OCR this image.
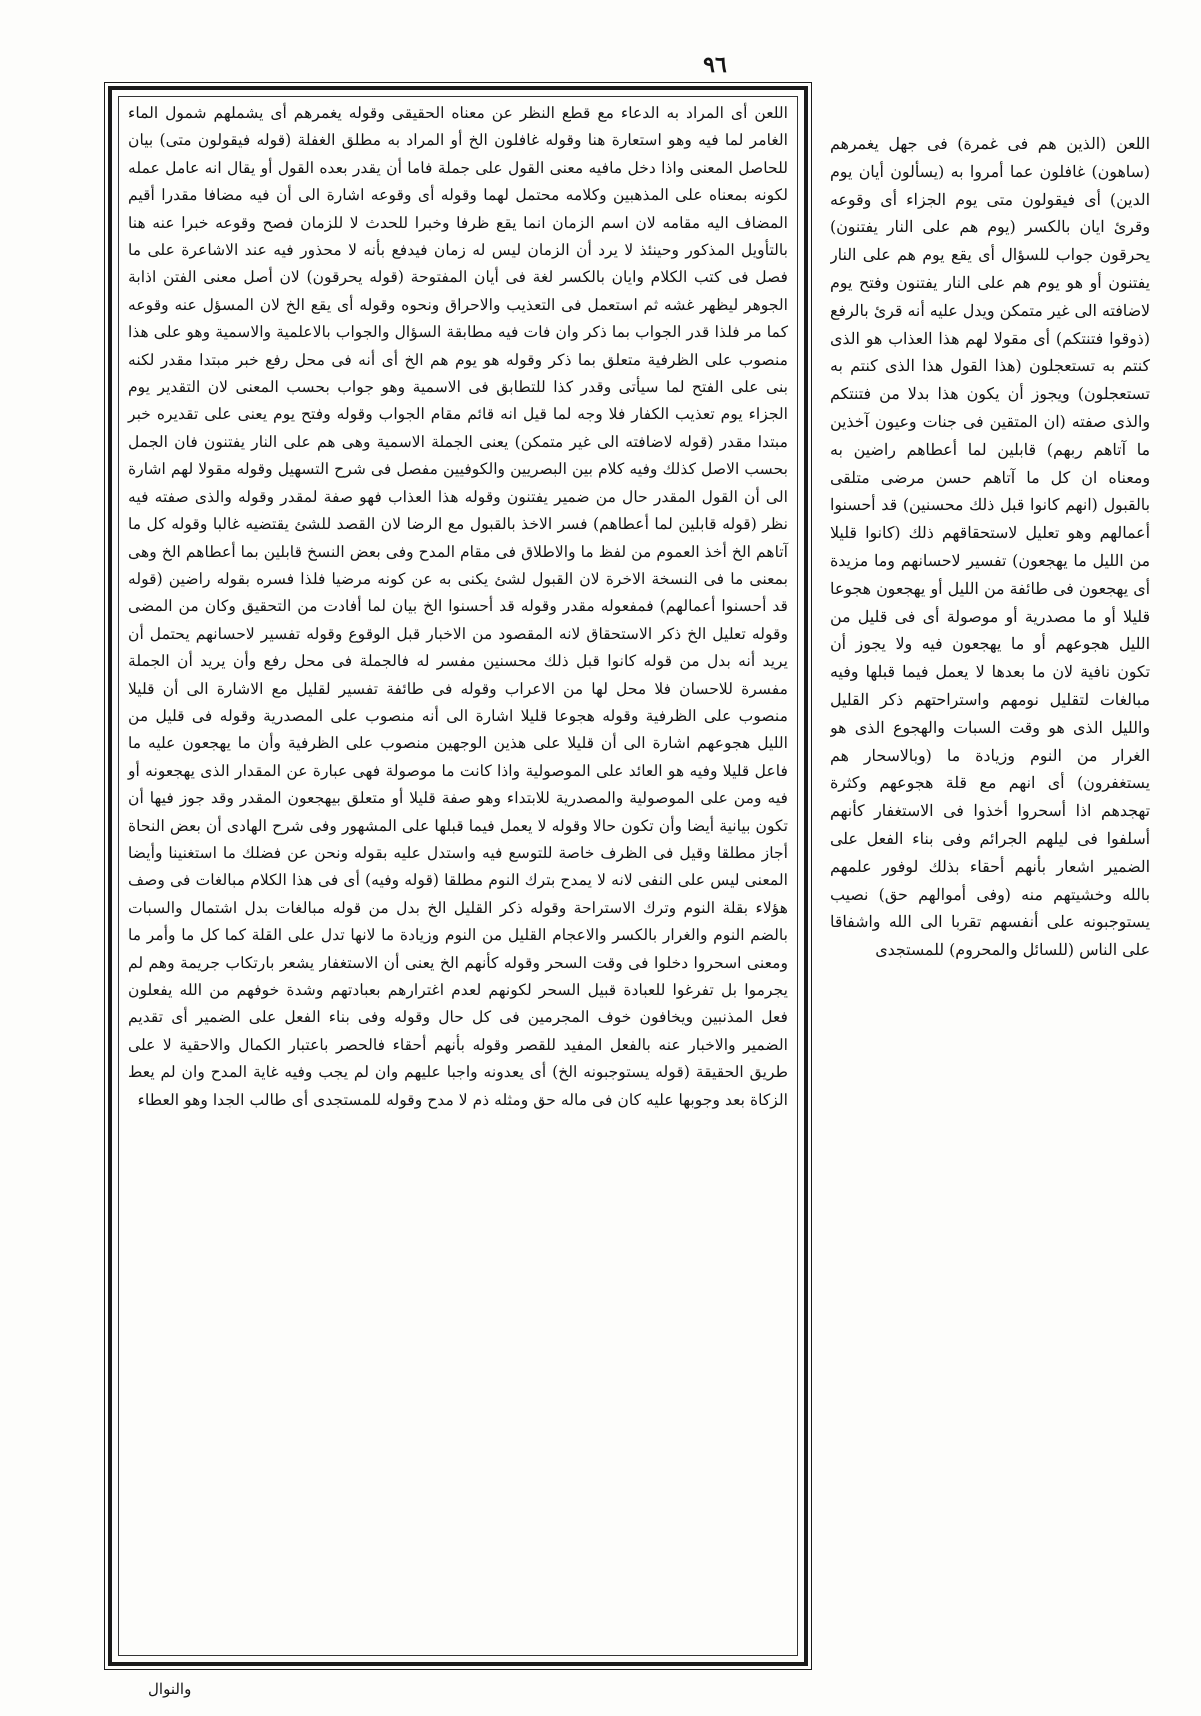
٩٦

اللعن أى المراد به الدعاء مع قطع النظر عن معناه الحقيقى وقوله يغمرهم أى يشملهم شمول الماء الغامر لما فيه وهو استعارة هنا وقوله غافلون الخ أو المراد به مطلق الغفلة (قوله فيقولون متى) بيان للحاصل المعنى واذا دخل مافيه معنى القول على جملة فاما أن يقدر بعده القول أو يقال انه عامل عمله لكونه بمعناه على المذهبين وكلامه محتمل لهما وقوله أى وقوعه اشارة الى أن فيه مضافا مقدرا أقيم المضاف اليه مقامه لان اسم الزمان انما يقع ظرفا وخبرا للحدث لا للزمان فصح وقوعه خبرا عنه هنا بالتأويل المذكور وحينئذ لا يرد أن الزمان ليس له زمان فيدفع بأنه لا محذور فيه عند الاشاعرة على ما فصل فى كتب الكلام وايان بالكسر لغة فى أيان المفتوحة (قوله يحرقون) لان أصل معنى الفتن اذابة الجوهر ليظهر غشه ثم استعمل فى التعذيب والاحراق ونحوه وقوله أى يقع الخ لان المسؤل عنه وقوعه كما مر فلذا قدر الجواب بما ذكر وان فات فيه مطابقة السؤال والجواب بالاعلمية والاسمية وهو على هذا منصوب على الظرفية متعلق بما ذكر وقوله هو يوم هم الخ أى أنه فى محل رفع خبر مبتدا مقدر لكنه بنى على الفتح لما سيأتى وقدر كذا للتطابق فى الاسمية وهو جواب بحسب المعنى لان التقدير يوم الجزاء يوم تعذيب الكفار فلا وجه لما قيل انه قائم مقام الجواب وقوله وفتح يوم يعنى على تقديره خبر مبتدا مقدر (قوله لاضافته الى غير متمكن) يعنى الجملة الاسمية وهى هم على النار يفتنون فان الجمل بحسب الاصل كذلك وفيه كلام بين البصريين والكوفيين مفصل فى شرح التسهيل وقوله مقولا لهم اشارة الى أن القول المقدر حال من ضمير يفتنون وقوله هذا العذاب فهو صفة لمقدر وقوله والذى صفته فيه نظر (قوله قابلين لما أعطاهم) فسر الاخذ بالقبول مع الرضا لان القصد للشئ يقتضيه غالبا وقوله كل ما آتاهم الخ أخذ العموم من لفظ ما والاطلاق فى مقام المدح وفى بعض النسخ قابلين بما أعطاهم الخ وهى بمعنى ما فى النسخة الاخرة لان القبول لشئ يكنى به عن كونه مرضيا فلذا فسره بقوله راضين (قوله قد أحسنوا أعمالهم) فمفعوله مقدر وقوله قد أحسنوا الخ بيان لما أفادت من التحقيق وكان من المضى وقوله تعليل الخ ذكر الاستحقاق لانه المقصود من الاخبار قبل الوقوع وقوله تفسير لاحسانهم يحتمل أن يريد أنه بدل من قوله كانوا قبل ذلك محسنين مفسر له فالجملة فى محل رفع وأن يريد أن الجملة مفسرة للاحسان فلا محل لها من الاعراب وقوله فى طائفة تفسير لقليل مع الاشارة الى أن قليلا منصوب على الظرفية وقوله هجوعا قليلا اشارة الى أنه منصوب على المصدرية وقوله فى قليل من الليل هجوعهم اشارة الى أن قليلا على هذين الوجهين منصوب على الظرفية وأن ما يهجعون عليه ما فاعل قليلا وفيه هو العائد على الموصولية واذا كانت ما موصولة فهى عبارة عن المقدار الذى يهجعونه أو فيه ومن على الموصولية والمصدرية للابتداء وهو صفة قليلا أو متعلق بيهجعون المقدر وقد جوز فيها أن تكون بيانية أيضا وأن تكون حالا وقوله لا يعمل فيما قبلها على المشهور وفى شرح الهادى أن بعض النحاة أجاز مطلقا وقيل فى الظرف خاصة للتوسع فيه واستدل عليه بقوله ونحن عن فضلك ما استغنينا وأيضا المعنى ليس على النفى لانه لا يمدح بترك النوم مطلقا (قوله وفيه) أى فى هذا الكلام مبالغات فى وصف هؤلاء بقلة النوم وترك الاستراحة وقوله ذكر القليل الخ بدل من قوله مبالغات بدل اشتمال والسبات بالضم النوم والغرار بالكسر والاعجام القليل من النوم وزيادة ما لانها تدل على القلة كما كل ما وأمر ما ومعنى اسحروا دخلوا فى وقت السحر وقوله كأنهم الخ يعنى أن الاستغفار يشعر بارتكاب جريمة وهم لم يجرموا بل تفرغوا للعبادة قبيل السحر لكونهم لعدم اغترارهم بعبادتهم وشدة خوفهم من الله يفعلون فعل المذنبين ويخافون خوف المجرمين فى كل حال وقوله وفى بناء الفعل على الضمير أى تقديم الضمير والاخبار عنه بالفعل المفيد للقصر وقوله بأنهم أحقاء فالحصر باعتبار الكمال والاحقية لا على طريق الحقيقة (قوله يستوجبونه الخ) أى يعدونه واجبا عليهم وان لم يجب وفيه غاية المدح وان لم يعط الزكاة بعد وجوبها عليه كان فى ماله حق ومثله ذم لا مدح وقوله للمستجدى أى طالب الجدا وهو العطاء

اللعن (الذين هم فى غمرة) فى جهل يغمرهم (ساهون) غافلون عما أمروا به (يسألون أيان يوم الدين) أى فيقولون متى يوم الجزاء أى وقوعه وقرئ ايان بالكسر (يوم هم على النار يفتنون) يحرقون جواب للسؤال أى يقع يوم هم على النار يفتنون أو هو يوم هم على النار يفتنون وفتح يوم لاضافته الى غير متمكن ويدل عليه أنه قرئ بالرفع (ذوقوا فتنتكم) أى مقولا لهم هذا العذاب هو الذى كنتم به تستعجلون (هذا القول هذا الذى كنتم به تستعجلون) ويجوز أن يكون هذا بدلا من فتنتكم والذى صفته (ان المتقين فى جنات وعيون آخذين ما آتاهم ربهم) قابلين لما أعطاهم راضين به ومعناه ان كل ما آتاهم حسن مرضى متلقى بالقبول (انهم كانوا قبل ذلك محسنين) قد أحسنوا أعمالهم وهو تعليل لاستحقاقهم ذلك (كانوا قليلا من الليل ما يهجعون) تفسير لاحسانهم وما مزيدة أى يهجعون فى طائفة من الليل أو يهجعون هجوعا قليلا أو ما مصدرية أو موصولة أى فى قليل من الليل هجوعهم أو ما يهجعون فيه ولا يجوز أن تكون نافية لان ما بعدها لا يعمل فيما قبلها وفيه مبالغات لتقليل نومهم واستراحتهم ذكر القليل والليل الذى هو وقت السبات والهجوع الذى هو الغرار من النوم وزيادة ما (وبالاسحار هم يستغفرون) أى انهم مع قلة هجوعهم وكثرة تهجدهم اذا أسحروا أخذوا فى الاستغفار كأنهم أسلفوا فى ليلهم الجرائم وفى بناء الفعل على الضمير اشعار بأنهم أحقاء بذلك لوفور علمهم بالله وخشيتهم منه (وفى أموالهم حق) نصيب يستوجبونه على أنفسهم تقربا الى الله واشفاقا على الناس (للسائل والمحروم) للمستجدى

والنوال
